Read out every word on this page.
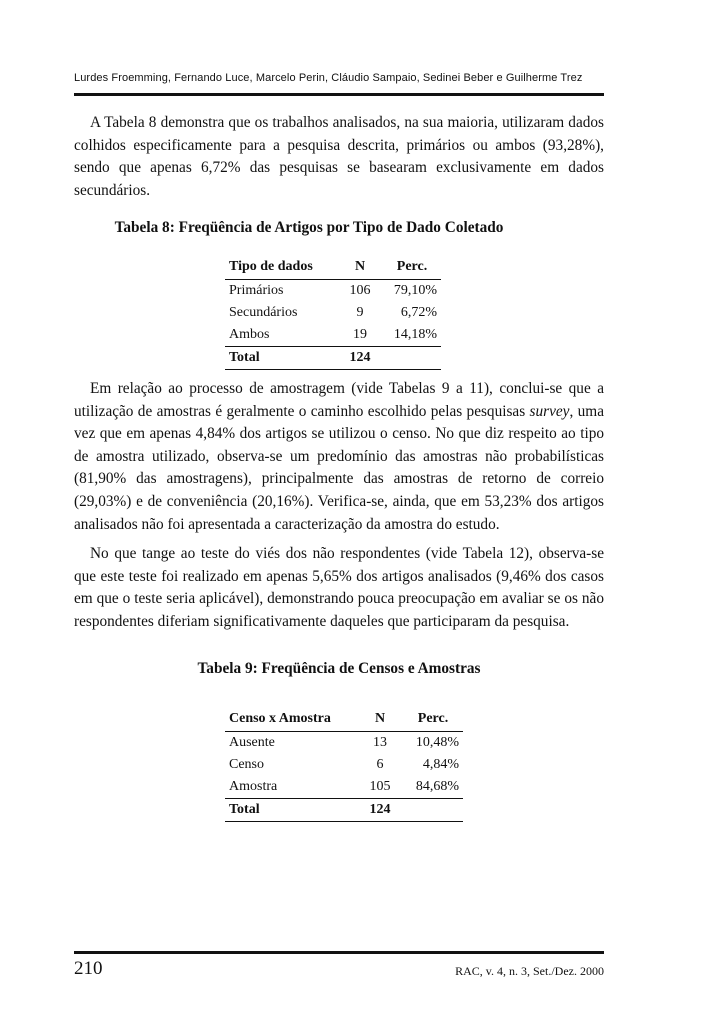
Lurdes Froemming, Fernando Luce, Marcelo Perin, Cláudio Sampaio, Sedinei Beber e Guilherme Trez

A Tabela 8 demonstra que os trabalhos analisados, na sua maioria, utilizaram dados colhidos especificamente para a pesquisa descrita, primários ou ambos (93,28%), sendo que apenas 6,72% das pesquisas se basearam exclusivamente em dados secundários.

Tabela 8: Freqüência de Artigos por Tipo de Dado Coletado
Tipo de dados	N	Perc.
Primários	106	79,10%
Secundários	9	6,72%
Ambos	19	14,18%
Total	124	

Em relação ao processo de amostragem (vide Tabelas 9 a 11), conclui-se que a utilização de amostras é geralmente o caminho escolhido pelas pesquisas survey, uma vez que em apenas 4,84% dos artigos se utilizou o censo. No que diz respeito ao tipo de amostra utilizado, observa-se um predomínio das amostras não probabilísticas (81,90% das amostragens), principalmente das amostras de retorno de correio (29,03%) e de conveniência (20,16%). Verifica-se, ainda, que em 53,23% dos artigos analisados não foi apresentada a caracterização da amostra do estudo.

No que tange ao teste do viés dos não respondentes (vide Tabela 12), observa-se que este teste foi realizado em apenas 5,65% dos artigos analisados (9,46% dos casos em que o teste seria aplicável), demonstrando pouca preocupação em avaliar se os não respondentes diferiam significativamente daqueles que participaram da pesquisa.

Tabela 9: Freqüência de Censos e Amostras
Censo x Amostra	N	Perc.
Ausente	13	10,48%
Censo	6	4,84%
Amostra	105	84,68%
Total	124	
210	RAC, v. 4, n. 3, Set./Dez. 2000
